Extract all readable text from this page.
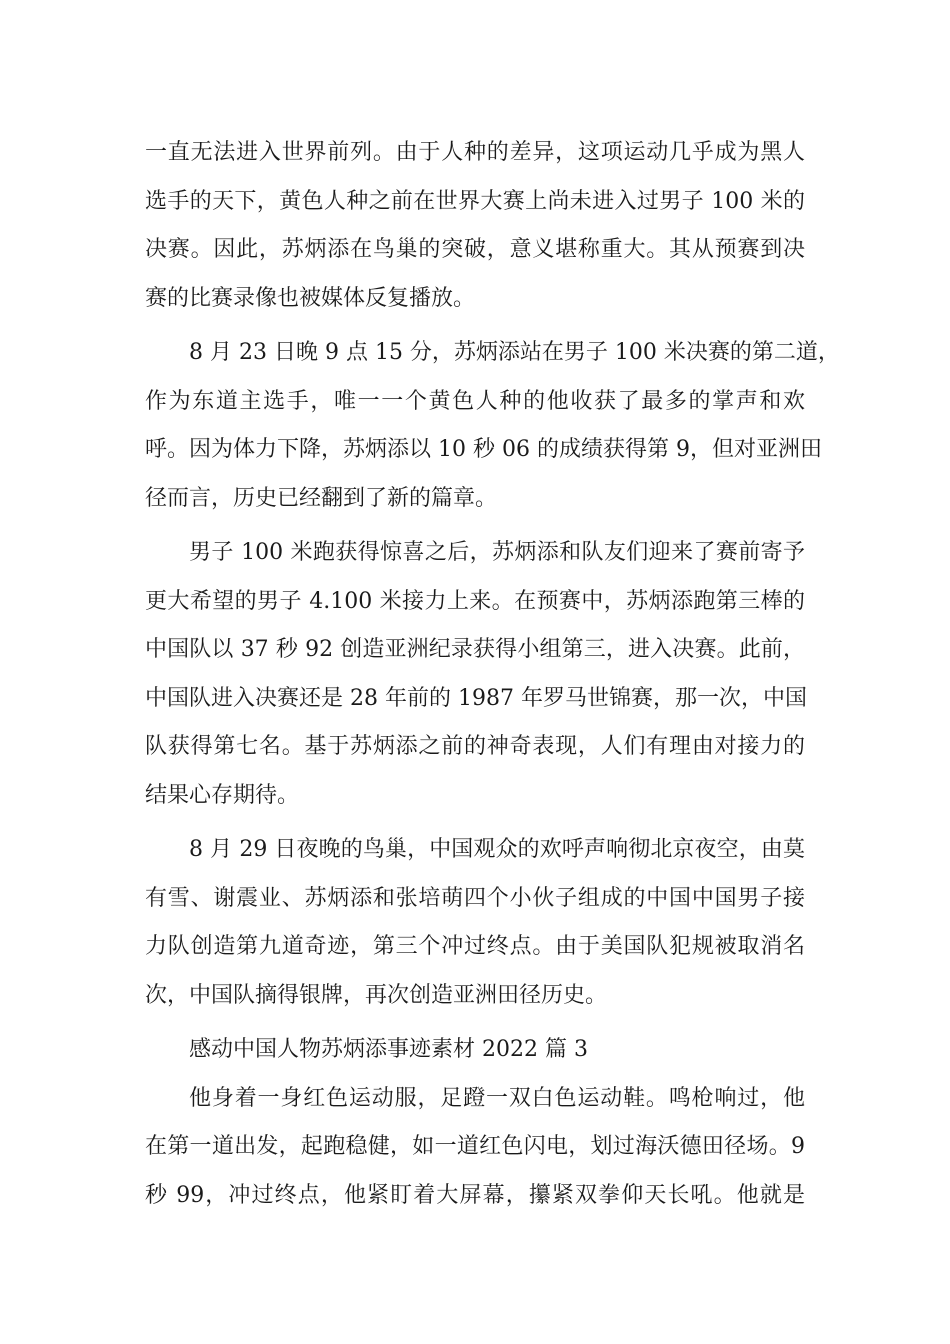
一直无法进入世界前列。由于人种的差异，这项运动几乎成为黑人
选手的天下，黄色人种之前在世界大赛上尚未进入过男子 100 米的
决赛。因此，苏炳添在鸟巢的突破，意义堪称重大。其从预赛到决
赛的比赛录像也被媒体反复播放。
8 月 23 日晚 9 点 15 分，苏炳添站在男子 100 米决赛的第二道，
作为东道主选手，唯一一个黄色人种的他收获了最多的掌声和欢
呼。因为体力下降，苏炳添以 10 秒 06 的成绩获得第 9，但对亚洲田
径而言，历史已经翻到了新的篇章。
男子 100 米跑获得惊喜之后，苏炳添和队友们迎来了赛前寄予
更大希望的男子 4.100 米接力上来。在预赛中，苏炳添跑第三棒的
中国队以 37 秒 92 创造亚洲纪录获得小组第三，进入决赛。此前，
中国队进入决赛还是 28 年前的 1987 年罗马世锦赛，那一次，中国
队获得第七名。基于苏炳添之前的神奇表现，人们有理由对接力的
结果心存期待。
8 月 29 日夜晚的鸟巢，中国观众的欢呼声响彻北京夜空，由莫
有雪、谢震业、苏炳添和张培萌四个小伙子组成的中国中国男子接
力队创造第九道奇迹，第三个冲过终点。由于美国队犯规被取消名
次，中国队摘得银牌，再次创造亚洲田径历史。
感动中国人物苏炳添事迹素材 2022 篇 3
他身着一身红色运动服，足蹬一双白色运动鞋。鸣枪响过，他
在第一道出发，起跑稳健，如一道红色闪电，划过海沃德田径场。9
秒 99，冲过终点，他紧盯着大屏幕，攥紧双拳仰天长吼。他就是
